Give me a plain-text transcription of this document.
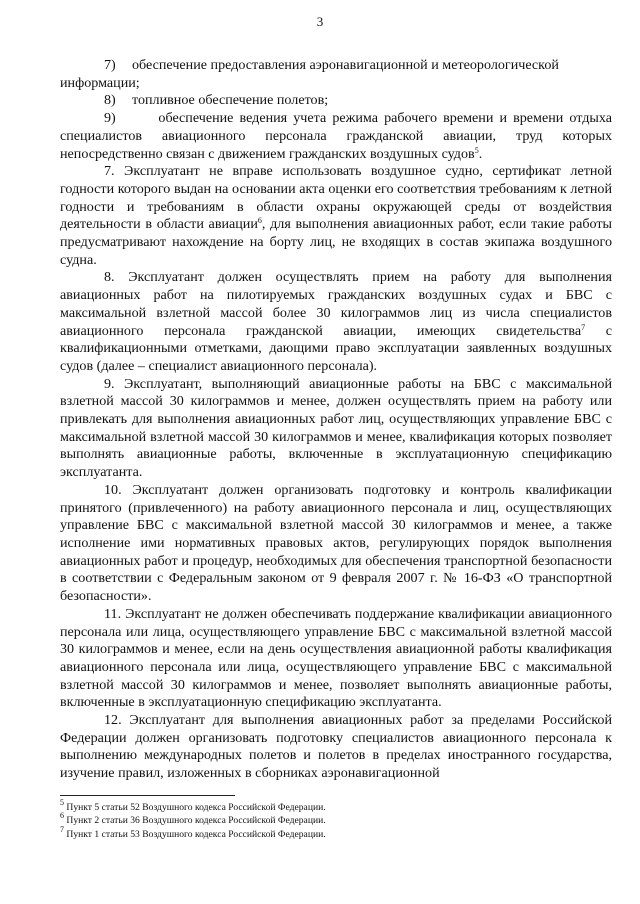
3
7)	обеспечение предоставления аэронавигационной и метеорологической

информации;

8)	топливное обеспечение полетов;

9)	обеспечение ведения учета режима рабочего времени и времени отдыха специалистов авиационного персонала гражданской авиации, труд которых непосредственно связан с движением гражданских воздушных судов$^5$.

7. Эксплуатант не вправе использовать воздушное судно, сертификат летной годности которого выдан на основании акта оценки его соответствия требованиям к летной годности и требованиям в области охраны окружающей среды от воздействия деятельности в области авиации$^6$, для выполнения авиационных работ, если такие работы предусматривают нахождение на борту лиц, не входящих в состав экипажа воздушного судна.

8. Эксплуатант должен осуществлять прием на работу для выполнения авиационных работ на пилотируемых гражданских воздушных судах и БВС с максимальной взлетной массой более 30 килограммов лиц из числа специалистов авиационного персонала гражданской авиации, имеющих свидетельства$^7$ с квалификационными отметками, дающими право эксплуатации заявленных воздушных судов (далее – специалист авиационного персонала).

9. Эксплуатант, выполняющий авиационные работы на БВС с максимальной взлетной массой 30 килограммов и менее, должен осуществлять прием на работу или привлекать для выполнения авиационных работ лиц, осуществляющих управление БВС с максимальной взлетной массой 30 килограммов и менее, квалификация которых позволяет выполнять авиационные работы, включенные в эксплуатационную спецификацию эксплуатанта.

10. Эксплуатант должен организовать подготовку и контроль квалификации принятого (привлеченного) на работу авиационного персонала и лиц, осуществляющих управление БВС с максимальной взлетной массой 30 килограммов и менее, а также исполнение ими нормативных правовых актов, регулирующих порядок выполнения авиационных работ и процедур, необходимых для обеспечения транспортной безопасности в соответствии с Федеральным законом от 9 февраля 2007 г. № 16-ФЗ «О транспортной безопасности».

11. Эксплуатант не должен обеспечивать поддержание квалификации авиационного персонала или лица, осуществляющего управление БВС с максимальной взлетной массой 30 килограммов и менее, если на день осуществления авиационной работы квалификация авиационного персонала или лица, осуществляющего управление БВС с максимальной взлетной массой 30 килограммов и менее, позволяет выполнять авиационные работы, включенные в эксплуатационную спецификацию эксплуатанта.

12. Эксплуатант для выполнения авиационных работ за пределами Российской Федерации должен организовать подготовку специалистов авиационного персонала к выполнению международных полетов и полетов в пределах иностранного государства, изучение правил, изложенных в сборниках аэронавигационной

$^5$ Пункт 5 статьи 52 Воздушного кодекса Российской Федерации.

$^6$ Пункт 2 статьи 36 Воздушного кодекса Российской Федерации.

$^7$ Пункт 1 статьи 53 Воздушного кодекса Российской Федерации.
